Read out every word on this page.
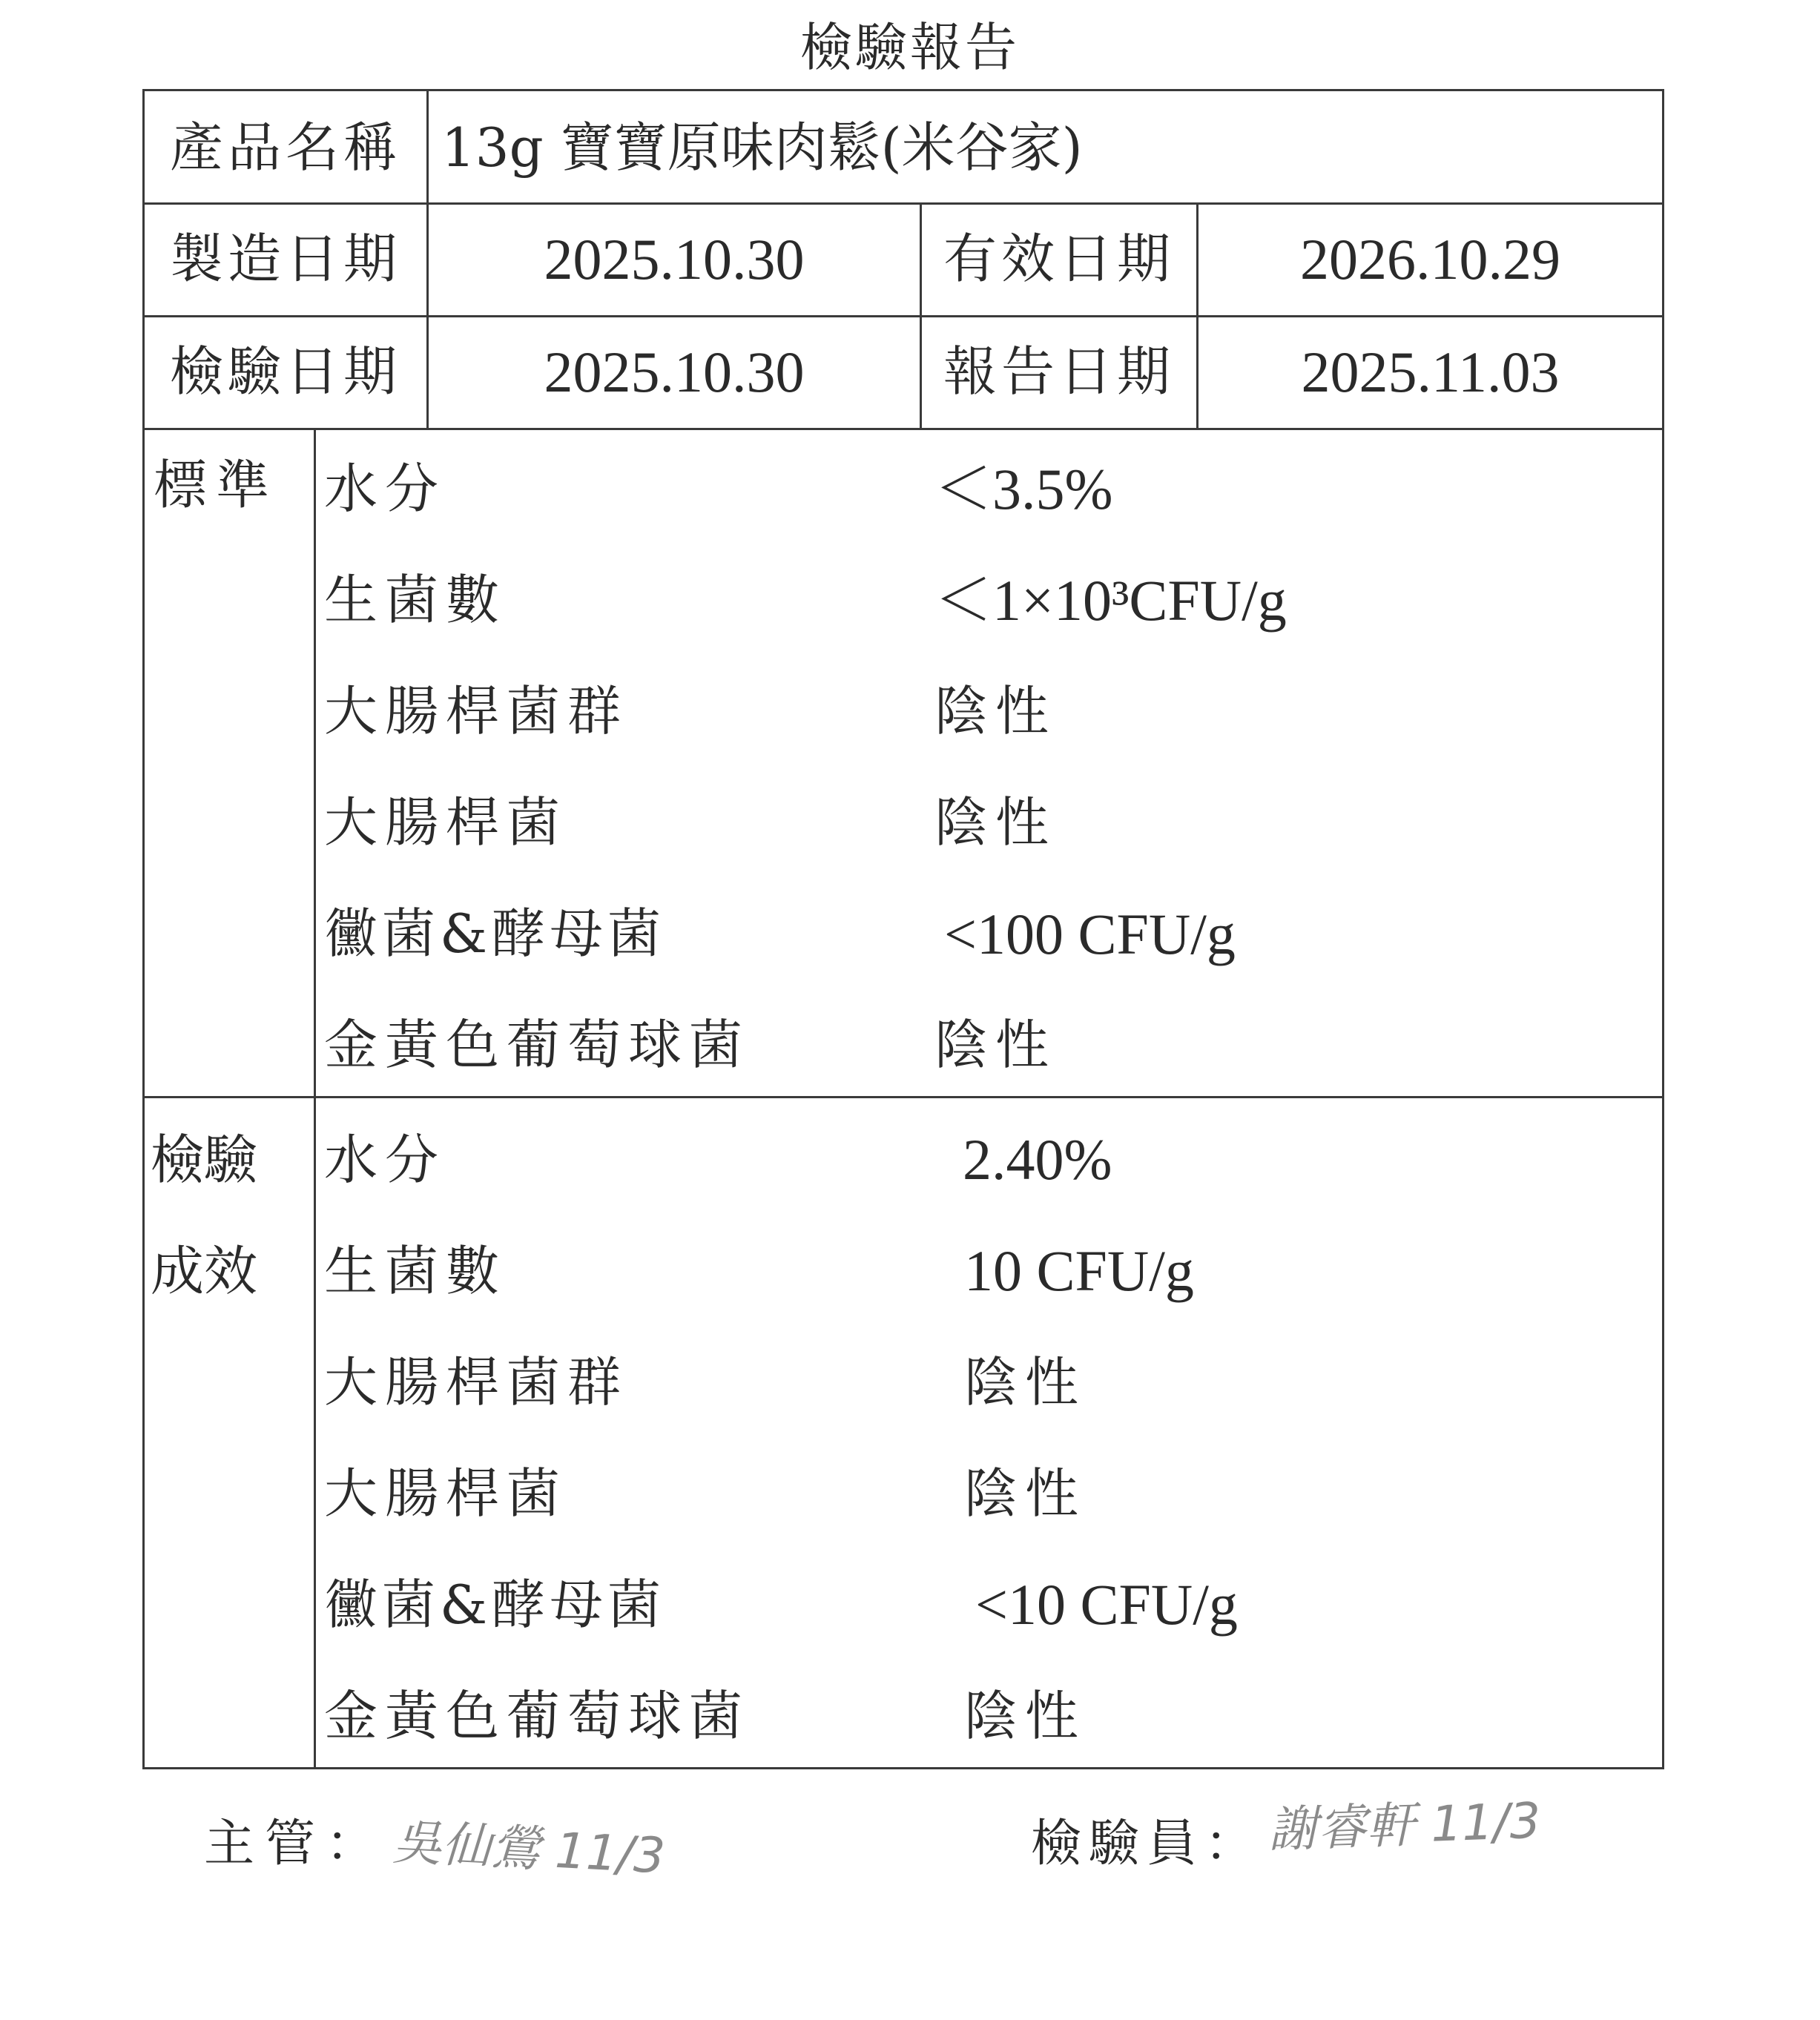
檢驗報告
產品名稱 13g 寶寶原味肉鬆(米谷家)
製造日期	2025.10.30	有效日期	2026.10.29
檢驗日期	2025.10.30	報告日期	2025.11.03
標準 水分	＜3.5%
生菌數	＜1×10³CFU/g
大腸桿菌群	陰性
大腸桿菌	陰性
黴菌&酵母菌	<100 CFU/g
金黃色葡萄球菌	陰性
檢驗
成效
水分	2.40%
生菌數	10 CFU/g
大腸桿菌群	陰性
大腸桿菌	陰性
黴菌&酵母菌	<10 CFU/g
金黃色葡萄球菌	陰性
主管： 吳仙鶯 11/3	檢驗員： 謝睿軒 11/3
